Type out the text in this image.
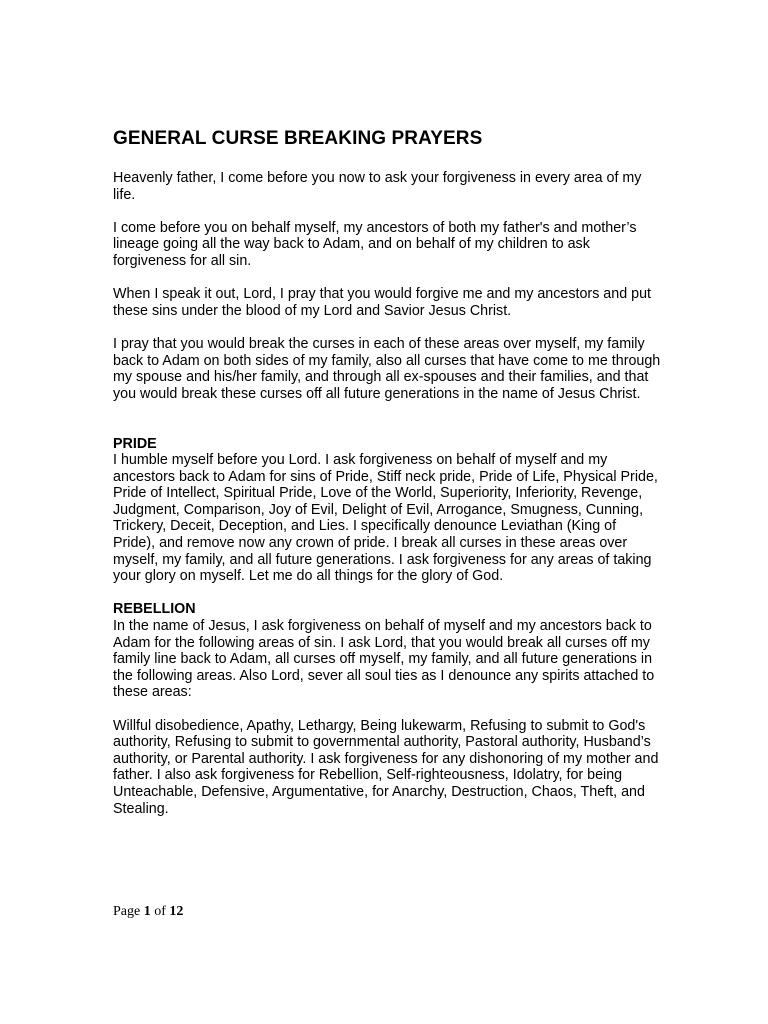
GENERAL CURSE BREAKING PRAYERS

Heavenly father, I come before you now to ask your forgiveness in every area of my life.

I come before you on behalf myself, my ancestors of both my father's and mother’s lineage going all the way back to Adam, and on behalf of my children to ask forgiveness for all sin.

When I speak it out, Lord, I pray that you would forgive me and my ancestors and put these sins under the blood of my Lord and Savior Jesus Christ.

I pray that you would break the curses in each of these areas over myself, my family back to Adam on both sides of my family, also all curses that have come to me through my spouse and his/her family, and through all ex-spouses and their families, and that you would break these curses off all future generations in the name of Jesus Christ.

PRIDE

I humble myself before you Lord. I ask forgiveness on behalf of myself and my ancestors back to Adam for sins of Pride, Stiff neck pride, Pride of Life, Physical Pride, Pride of Intellect, Spiritual Pride, Love of the World, Superiority, Inferiority, Revenge, Judgment, Comparison, Joy of Evil, Delight of Evil, Arrogance, Smugness, Cunning, Trickery, Deceit, Deception, and Lies. I specifically denounce Leviathan (King of Pride), and remove now any crown of pride. I break all curses in these areas over myself, my family, and all future generations. I ask forgiveness for any areas of taking your glory on myself. Let me do all things for the glory of God.

REBELLION

In the name of Jesus, I ask forgiveness on behalf of myself and my ancestors back to Adam for the following areas of sin. I ask Lord, that you would break all curses off my family line back to Adam, all curses off myself, my family, and all future generations in the following areas. Also Lord, sever all soul ties as I denounce any spirits attached to these areas:

Willful disobedience, Apathy, Lethargy, Being lukewarm, Refusing to submit to God's authority, Refusing to submit to governmental authority, Pastoral authority, Husband’s authority, or Parental authority. I ask forgiveness for any dishonoring of my mother and father. I also ask forgiveness for Rebellion, Self-righteousness, Idolatry, for being Unteachable, Defensive, Argumentative, for Anarchy, Destruction, Chaos, Theft, and Stealing.

Page 1 of 12
